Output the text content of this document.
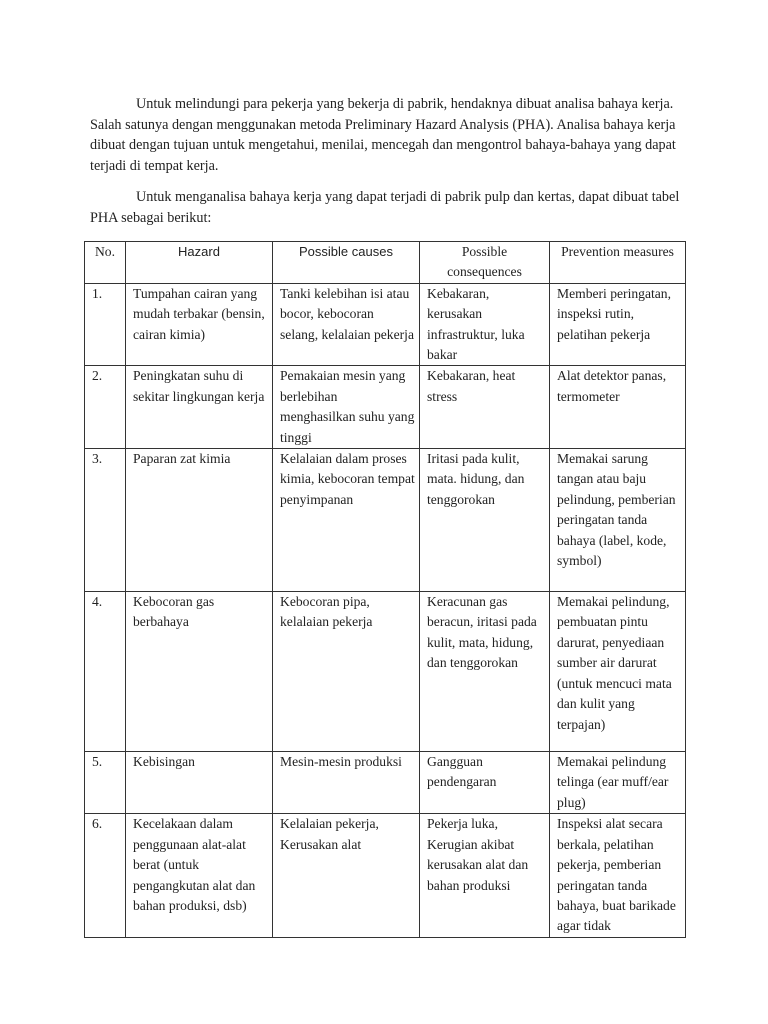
Untuk melindungi para pekerja yang bekerja di pabrik, hendaknya dibuat analisa bahaya kerja. Salah satunya dengan menggunakan metoda Preliminary Hazard Analysis (PHA). Analisa bahaya kerja dibuat dengan tujuan untuk mengetahui, menilai, mencegah dan mengontrol bahaya-bahaya yang dapat terjadi di tempat kerja.

Untuk menganalisa bahaya kerja yang dapat terjadi di pabrik pulp dan kertas, dapat dibuat tabel PHA sebagai berikut:

No.	Hazard	Possible causes	Possible consequences	Prevention measures
1.	Tumpahan cairan yang mudah terbakar (bensin, cairan kimia)	Tanki kelebihan isi atau bocor, kebocoran selang, kelalaian pekerja	Kebakaran, kerusakan infrastruktur, luka bakar	Memberi peringatan, inspeksi rutin, pelatihan pekerja
2.	Peningkatan suhu di sekitar lingkungan kerja	Pemakaian mesin yang berlebihan menghasilkan suhu yang tinggi	Kebakaran, heat stress	Alat detektor panas, termometer
3.	Paparan zat kimia	Kelalaian dalam proses kimia, kebocoran tempat penyimpanan	Iritasi pada kulit, mata. hidung, dan tenggorokan	Memakai sarung tangan atau baju pelindung, pemberian peringatan tanda bahaya (label, kode, symbol)
4.	Kebocoran gas berbahaya	Kebocoran pipa, kelalaian pekerja	Keracunan gas beracun, iritasi pada kulit, mata, hidung, dan tenggorokan	Memakai pelindung, pembuatan pintu darurat, penyediaan sumber air darurat (untuk mencuci mata dan kulit yang terpajan)
5.	Kebisingan	Mesin-mesin produksi	Gangguan pendengaran	Memakai pelindung telinga (ear muff/ear plug)
6.	Kecelakaan dalam penggunaan alat-alat berat (untuk pengangkutan alat dan bahan produksi, dsb)	Kelalaian pekerja, Kerusakan alat	Pekerja luka, Kerugian akibat kerusakan alat dan bahan produksi	Inspeksi alat secara berkala, pelatihan pekerja, pemberian peringatan tanda bahaya, buat barikade agar tidak
